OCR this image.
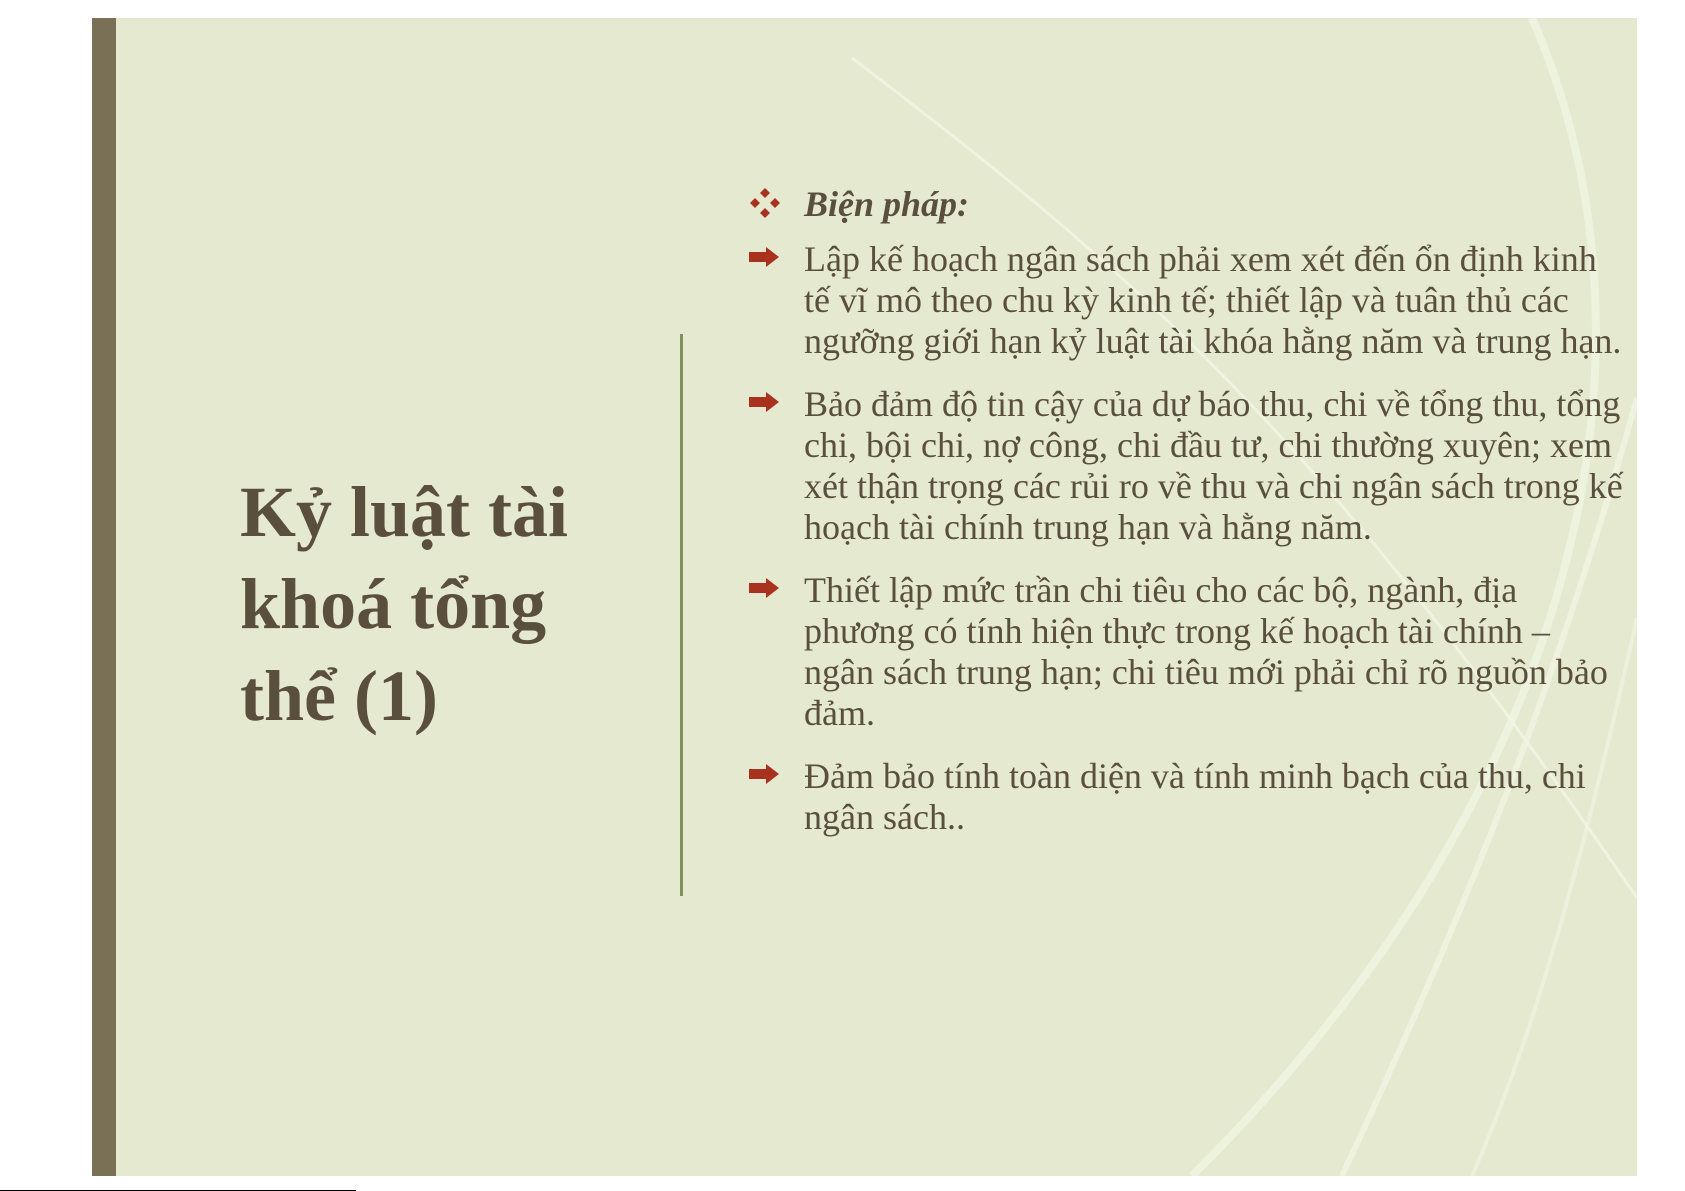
Kỷ luật tài
khoá tổng
thể (1)
Biện pháp:
Lập kế hoạch ngân sách phải xem xét đến ổn định kinh tế vĩ mô theo chu kỳ kinh tế; thiết lập và tuân thủ các ngưỡng giới hạn kỷ luật tài khóa hằng năm và trung hạn.
Bảo đảm độ tin cậy của dự báo thu, chi về tổng thu, tổng chi, bội chi, nợ công, chi đầu tư, chi thường xuyên; xem xét thận trọng các rủi ro về thu và chi ngân sách trong kế hoạch tài chính trung hạn và hằng năm.
Thiết lập mức trần chi tiêu cho các bộ, ngành, địa phương có tính hiện thực trong kế hoạch tài chính – ngân sách trung hạn; chi tiêu mới phải chỉ rõ nguồn bảo đảm.
Đảm bảo tính toàn diện và tính minh bạch của thu, chi ngân sách..
